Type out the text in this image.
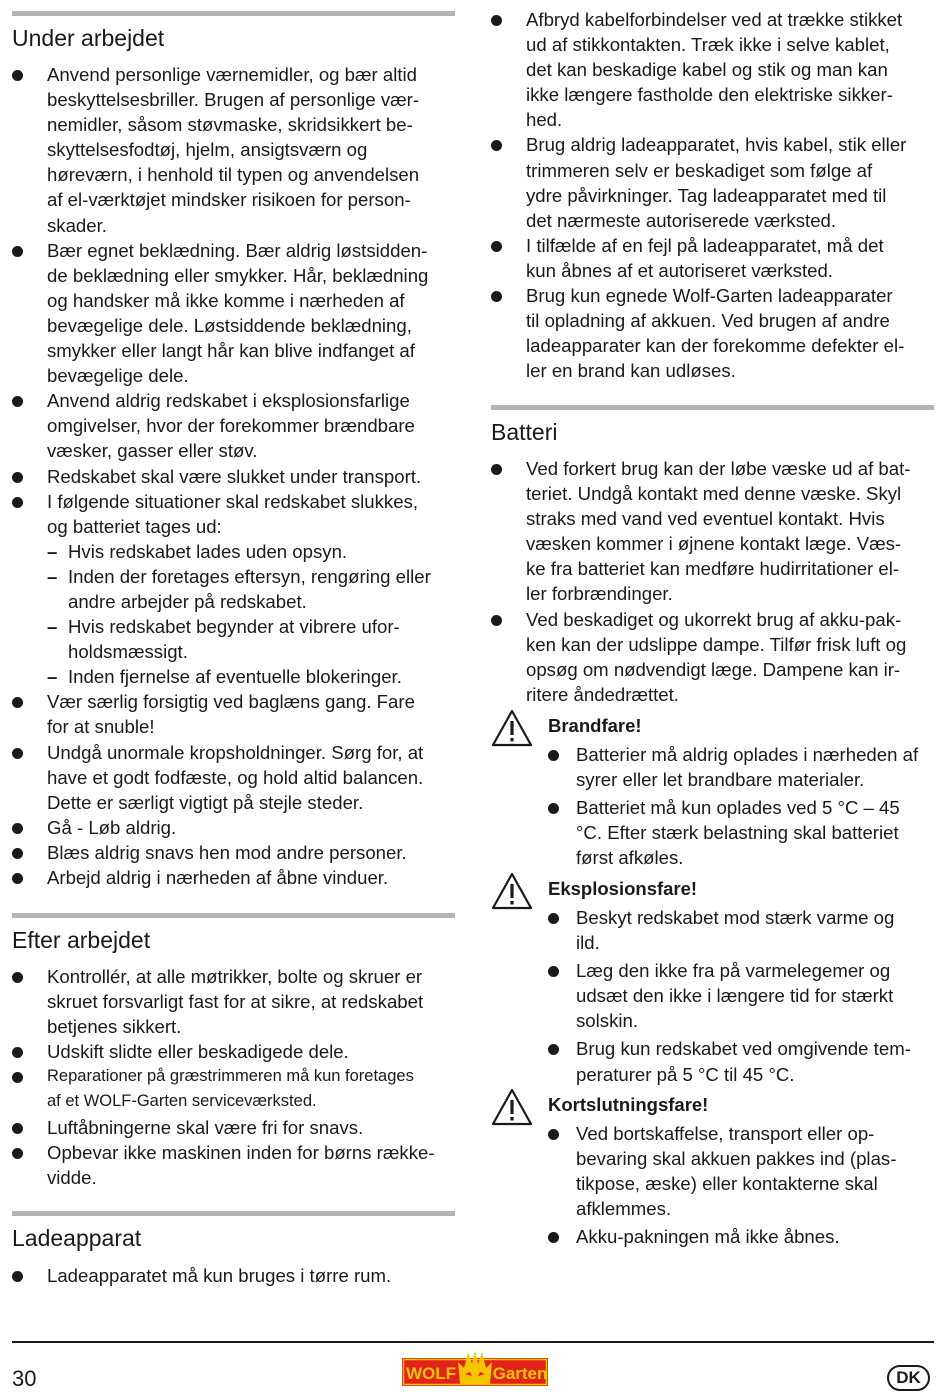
Under arbejdet
Anvend personlige værnemidler, og bær altid
beskyttelsesbriller. Brugen af personlige vær-
nemidler, såsom støvmaske, skridsikkert be-
skyttelsesfodtøj, hjelm, ansigtsværn og
høreværn, i henhold til typen og anvendelsen
af el-værktøjet mindsker risikoen for person-
skader.
Bær egnet beklædning. Bær aldrig løstsidden-
de beklædning eller smykker. Hår, beklædning
og handsker må ikke komme i nærheden af
bevægelige dele. Løstsiddende beklædning,
smykker eller langt hår kan blive indfanget af
bevægelige dele.
Anvend aldrig redskabet i eksplosionsfarlige
omgivelser, hvor der forekommer brændbare
væsker, gasser eller støv.
Redskabet skal være slukket under transport.
I følgende situationer skal redskabet slukkes,
og batteriet tages ud:
– Hvis redskabet lades uden opsyn.
– Inden der foretages eftersyn, rengøring eller
andre arbejder på redskabet.
– Hvis redskabet begynder at vibrere ufor-
holdsmæssigt.
– Inden fjernelse af eventuelle blokeringer.
Vær særlig forsigtig ved baglæns gang. Fare
for at snuble!
Undgå unormale kropsholdninger. Sørg for, at
have et godt fodfæste, og hold altid balancen.
Dette er særligt vigtigt på stejle steder.
Gå - Løb aldrig.
Blæs aldrig snavs hen mod andre personer.
Arbejd aldrig i nærheden af åbne vinduer.
Efter arbejdet
Kontrollér, at alle møtrikker, bolte og skruer er
skruet forsvarligt fast for at sikre, at redskabet
betjenes sikkert.
Udskift slidte eller beskadigede dele.
Reparationer på græstrimmeren må kun foretages
af et WOLF-Garten serviceværksted.
Luftåbningerne skal være fri for snavs.
Opbevar ikke maskinen inden for børns række-
vidde.
Ladeapparat
Ladeapparatet må kun bruges i tørre rum.
Afbryd kabelforbindelser ved at trække stikket
ud af stikkontakten. Træk ikke i selve kablet,
det kan beskadige kabel og stik og man kan
ikke længere fastholde den elektriske sikker-
hed.
Brug aldrig ladeapparatet, hvis kabel, stik eller
trimmeren selv er beskadiget som følge af
ydre påvirkninger. Tag ladeapparatet med til
det nærmeste autoriserede værksted.
I tilfælde af en fejl på ladeapparatet, må det
kun åbnes af et autoriseret værksted.
Brug kun egnede Wolf-Garten ladeapparater
til opladning af akkuen. Ved brugen af andre
ladeapparater kan der forekomme defekter el-
ler en brand kan udløses.
Batteri
Ved forkert brug kan der løbe væske ud af bat-
teriet. Undgå kontakt med denne væske. Skyl
straks med vand ved eventuel kontakt. Hvis
væsken kommer i øjnene kontakt læge. Væs-
ke fra batteriet kan medføre hudirritationer el-
ler forbrændinger.
Ved beskadiget og ukorrekt brug af akku-pak-
ken kan der udslippe dampe. Tilfør frisk luft og
opsøg om nødvendigt læge. Dampene kan ir-
ritere åndedrættet.
Brandfare!
Batterier må aldrig oplades i nærheden af
syrer eller let brandbare materialer.
Batteriet må kun oplades ved 5 °C – 45
°C. Efter stærk belastning skal batteriet
først afkøles.
Eksplosionsfare!
Beskyt redskabet mod stærk varme og
ild.
Læg den ikke fra på varmelegemer og
udsæt den ikke i længere tid for stærkt
solskin.
Brug kun redskabet ved omgivende tem-
peraturer på 5 °C til 45 °C.
Kortslutningsfare!
Ved bortskaffelse, transport eller op-
bevaring skal akkuen pakkes ind (plas-
tikpose, æske) eller kontakterne skal
afklemmes.
Akku-pakningen må ikke åbnes.
30	WOLF Garten	DK
